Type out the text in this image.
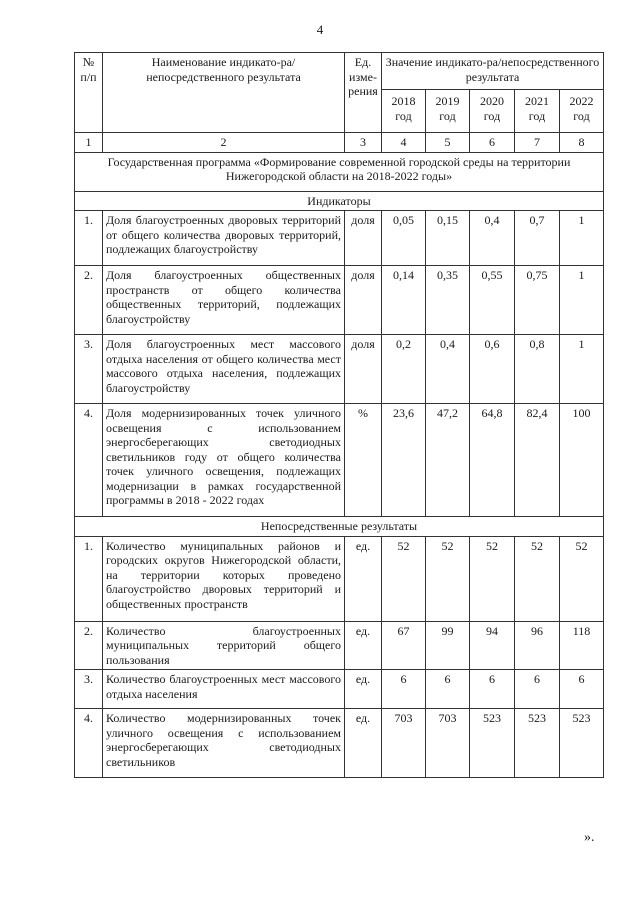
4
№ п/п	Наименование индикато-ра/непосредственного результата	Ед. изме-рения	Значение индикато-ра/непосредственного результата				
			2018 год	2019 год	2020 год	2021 год	2022 год
1	2	3	4	5	6	7	8
Государственная программа «Формирование современной городской среды на территории Нижегородской области на 2018-2022 годы»							
Индикаторы							
1.	Доля благоустроенных дворовых территорий от общего количества дворовых территорий, подлежащих благоустройству	доля	0,05	0,15	0,4	0,7	1
2.	Доля благоустроенных общественных пространств от общего количества общественных территорий, подлежащих благоустройству	доля	0,14	0,35	0,55	0,75	1
3.	Доля благоустроенных мест массового отдыха населения от общего количества мест массового отдыха населения, подлежащих благоустройству	доля	0,2	0,4	0,6	0,8	1
4.	Доля модернизированных точек уличного освещения с использованием энергосберегающих светодиодных светильников году от общего количества точек уличного освещения, подлежащих модернизации в рамках государственной программы в 2018 - 2022 годах	%	23,6	47,2	64,8	82,4	100
Непосредственные результаты							
1.	Количество муниципальных районов и городских округов Нижегородской области, на территории которых проведено благоустройство дворовых территорий и общественных пространств	ед.	52	52	52	52	52
2.	Количество благоустроенных муниципальных территорий общего пользования	ед.	67	99	94	96	118
3.	Количество благоустроенных мест массового отдыха населения	ед.	6	6	6	6	6
4.	Количество модернизированных точек уличного освещения с использованием энергосберегающих светодиодных светильников	ед.	703	703	523	523	523
».
